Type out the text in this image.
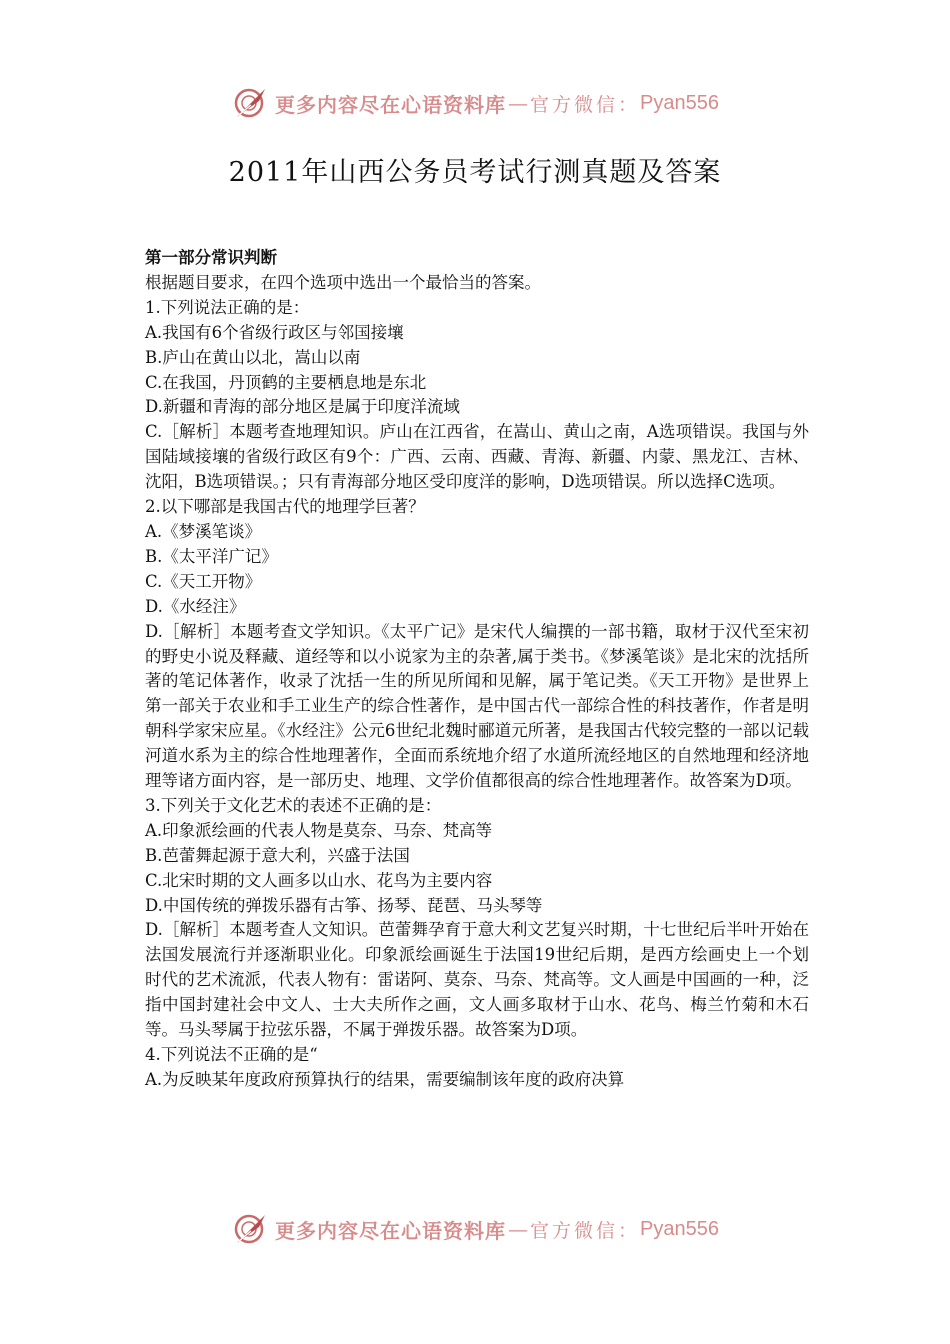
更多内容尽在心语资料库 — 官方微信： Pyan556
2011年山西公务员考试行测真题及答案

第一部分常识判断

根据题目要求，在四个选项中选出一个最恰当的答案。

1.下列说法正确的是：

A.我国有6个省级行政区与邻国接壤

B.庐山在黄山以北，嵩山以南

C.在我国，丹顶鹤的主要栖息地是东北

D.新疆和青海的部分地区是属于印度洋流域

C.［解析］本题考查地理知识。庐山在江西省，在嵩山、黄山之南，A选项错误。我国与外国陆域接壤的省级行政区有9个：广西、云南、西藏、青海、新疆、内蒙、黑龙江、吉林、沈阳，B选项错误。；只有青海部分地区受印度洋的影响，D选项错误。所以选择C选项。

2.以下哪部是我国古代的地理学巨著？

A.《梦溪笔谈》

B.《太平洋广记》

C.《天工开物》

D.《水经注》

D.［解析］本题考查文学知识。《太平广记》是宋代人编撰的一部书籍，取材于汉代至宋初的野史小说及释藏、道经等和以小说家为主的杂著,属于类书。《梦溪笔谈》是北宋的沈括所著的笔记体著作，收录了沈括一生的所见所闻和见解，属于笔记类。《天工开物》是世界上第一部关于农业和手工业生产的综合性著作，是中国古代一部综合性的科技著作，作者是明朝科学家宋应星。《水经注》公元6世纪北魏时郦道元所著，是我国古代较完整的一部以记载河道水系为主的综合性地理著作，全面而系统地介绍了水道所流经地区的自然地理和经济地理等诸方面内容，是一部历史、地理、文学价值都很高的综合性地理著作。故答案为D项。

3.下列关于文化艺术的表述不正确的是：

A.印象派绘画的代表人物是莫奈、马奈、梵高等

B.芭蕾舞起源于意大利，兴盛于法国

C.北宋时期的文人画多以山水、花鸟为主要内容

D.中国传统的弹拨乐器有古筝、扬琴、琵琶、马头琴等

D.［解析］本题考查人文知识。芭蕾舞孕育于意大利文艺复兴时期，十七世纪后半叶开始在法国发展流行并逐渐职业化。印象派绘画诞生于法国19世纪后期，是西方绘画史上一个划时代的艺术流派，代表人物有：雷诺阿、莫奈、马奈、梵高等。文人画是中国画的一种，泛指中国封建社会中文人、士大夫所作之画，文人画多取材于山水、花鸟、梅兰竹菊和木石等。马头琴属于拉弦乐器，不属于弹拨乐器。故答案为D项。

4.下列说法不正确的是“

A.为反映某年度政府预算执行的结果，需要编制该年度的政府决算

更多内容尽在心语资料库 — 官方微信： Pyan556
